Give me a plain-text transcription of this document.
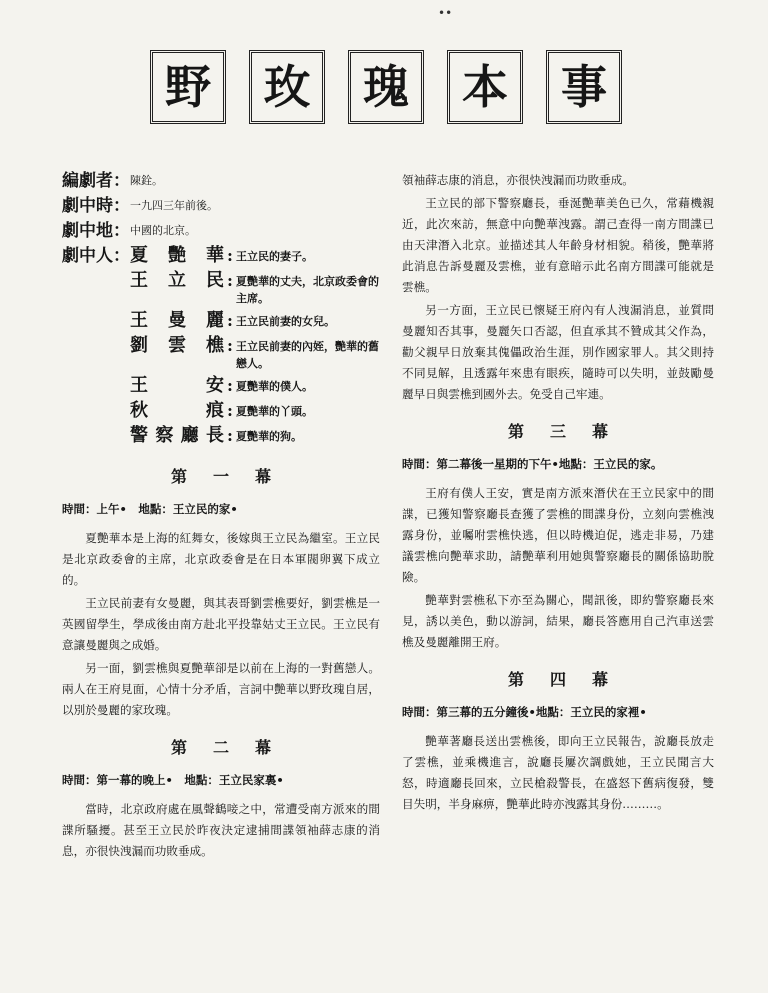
••
野	玫	瑰	本	事
編劇者： 陳銓。
劇中時： 一九四三年前後。
劇中地： 中國的北京。
劇中人： 夏艷華 : 王立民的妻子。
王立民 : 夏艷華的丈夫，北京政委會的主席。
王曼麗 : 王立民前妻的女兒。
劉雲樵 : 王立民前妻的內姪，艷華的舊戀人。
王安 : 夏艷華的僕人。
秋痕 : 夏艷華的丫頭。
警察廳長 : 夏艷華的狗。
第一幕
時間：上午•　地點：王立民的家•

夏艷華本是上海的紅舞女，後嫁與王立民為繼室。王立民是北京政委會的主席，北京政委會是在日本軍閥卵翼下成立的。

王立民前妻有女曼麗，與其表哥劉雲樵要好，劉雲樵是一英國留學生，學成後由南方赴北平投靠姑丈王立民。王立民有意讓曼麗與之成婚。

另一面，劉雲樵與夏艷華卻是以前在上海的一對舊戀人。兩人在王府見面，心情十分矛盾，言詞中艷華以野玫瑰自居，以別於曼麗的家玫瑰。

第二幕
時間：第一幕的晚上•　地點：王立民家裏•

當時，北京政府處在風聲鶴唼之中，常遭受南方派來的間諜所騷擾。甚至王立民於昨夜決定逮捕間諜領袖薛志康的消息，亦很快洩漏而功敗垂成。

領袖薛志康的消息，亦很快洩漏而功敗垂成。

王立民的部下警察廳長，垂涎艷華美色已久，常藉機親近，此次來訪，無意中向艷華洩露。謂己查得一南方間諜已由天津潛入北京。並描述其人年齡身材相貌。稍後，艷華將此消息告訴曼麗及雲樵，並有意暗示此名南方間諜可能就是雲樵。

另一方面，王立民已懷疑王府內有人洩漏消息，並質問曼麗知否其事，曼麗矢口否認，但直承其不贊成其父作為，勸父親早日放棄其傀儡政治生涯，別作國家罪人。其父則持不同見解，且透露年來患有眼疾，隨時可以失明，並鼓勵曼麗早日與雲樵到國外去。免受自己牢連。

第三幕
時間：第二幕後一星期的下午•地點：王立民的家。

王府有僕人王安，實是南方派來潛伏在王立民家中的間諜，已獲知警察廳長查獲了雲樵的間諜身份，立刻向雲樵洩露身份，並囑咐雲樵快逃，但以時機迫促，逃走非易，乃建議雲樵向艷華求助，請艷華利用她與警察廳長的關係協助脫險。

艷華對雲樵私下亦至為關心，聞訊後，即約警察廳長來見，誘以美色，動以游詞，結果，廳長答應用自己汽車送雲樵及曼麗離開王府。

第四幕
時間：第三幕的五分鐘後•地點：王立民的家裡•

艷華著廳長送出雲樵後，即向王立民報告，說廳長放走了雲樵，並乘機進言，說廳長屢次調戲她，王立民聞言大怒，時適廳長回來，立民槍殺警長，在盛怒下舊病復發，雙目失明，半身麻痹，艷華此時亦洩露其身份………。
